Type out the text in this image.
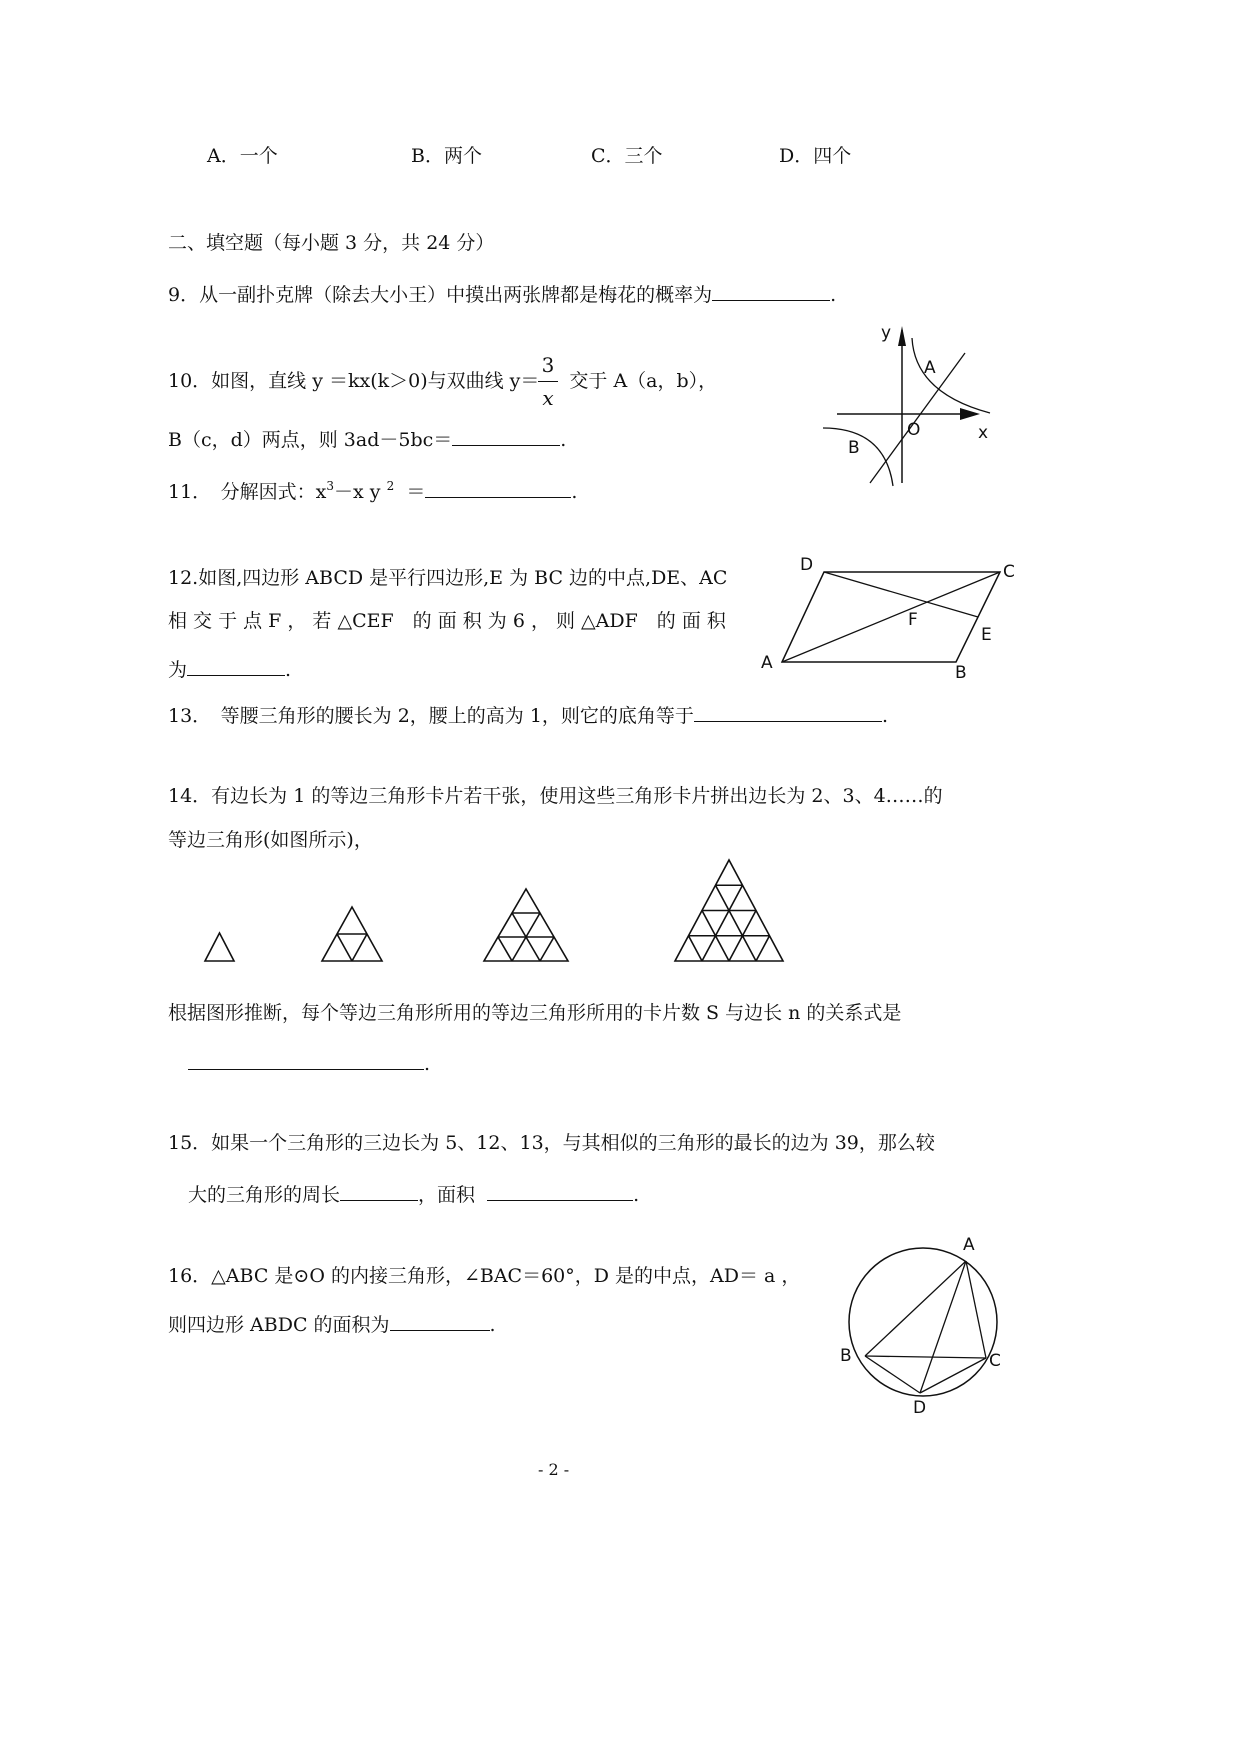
A．一个	B．两个	C．三个	D．四个
二、填空题（每小题 3 分，共 24 分）
9．从一副扑克牌（除去大小王）中摸出两张牌都是梅花的概率为	.
10．如图，直线 y ＝kx(k＞0)与双曲线 y＝ 交于 A（a，b），
3
x
B（c，d）两点，则 3ad－5bc＝	.
y
x
O
A
B
11．　分解因式：$x^3-x$ y $^2$ ＝	.
12.如图,四边形 ABCD 是平行四边形,E 为 BC 边的中点,DE、AC
相 交 于 点 F ， 若 △CEF　的 面 积 为 6 ， 则 △ADF　的 面 积
为	.	A	B
C
D
E
F
13．　等腰三角形的腰长为 2，腰上的高为 1，则它的底角等于	.
14．有边长为 1 的等边三角形卡片若干张，使用这些三角形卡片拼出边长为 2、3、4……的
等边三角形(如图所示)，
根据图形推断，每个等边三角形所用的等边三角形所用的卡片数 S 与边长 n 的关系式是
.
15．如果一个三角形的三边长为 5、12、13，与其相似的三角形的最长的边为 39，那么较
大的三角形的周长	，面积	.
16．△ABC 是⊙O 的内接三角形，∠BAC＝60°，D 是的中点，AD＝ a ，
则四边形 ABDC 的面积为	.
A
B	C
D
- 2 -
